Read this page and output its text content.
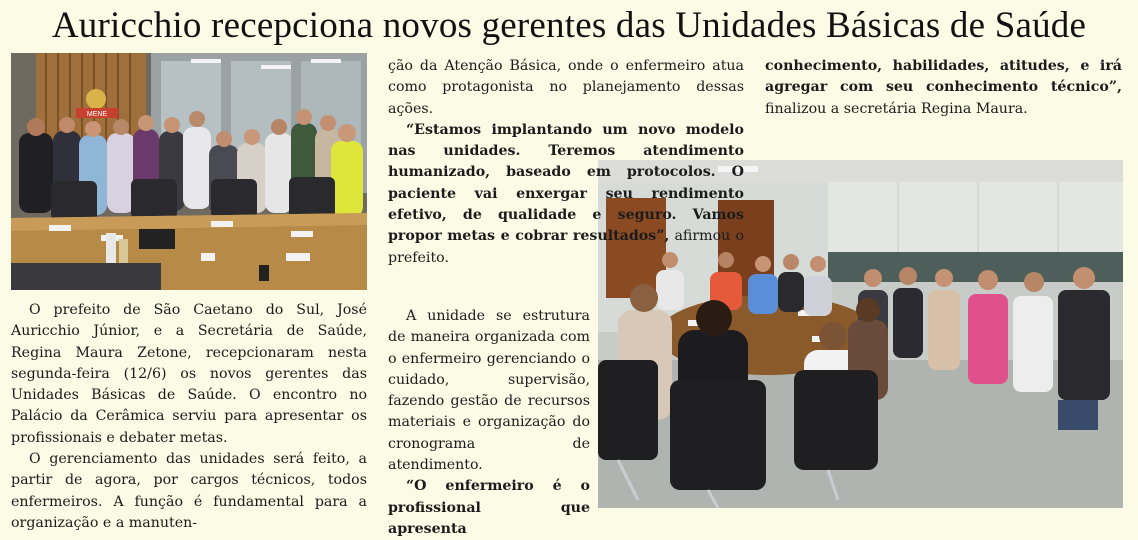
Auricchio recepciona novos gerentes das Unidades Básicas de Saúde
MENE

O prefeito de São Caetano do Sul, José Auricchio Júnior, e a Secretária de Saúde, Regina Maura Zetone, recepcionaram nesta segunda-feira (12/6) os novos gerentes das Unidades Básicas de Saúde. O encontro no Palácio da Cerâmica serviu para apresentar os profissionais e debater metas.

O gerenciamento das unidades será feito, a partir de agora, por cargos técnicos, todos enfermeiros. A função é fundamental para a organização e a manuten-

ção da Atenção Básica, onde o enfermeiro atua como protagonista no planejamento dessas ações.

“Estamos implantando um novo modelo nas unidades. Teremos atendimento humanizado, baseado em protocolos. O paciente vai enxergar seu rendimento efetivo, de qualidade e seguro. Vamos propor metas e cobrar resultados”, afirmou o prefeito.

A unidade se estrutura de maneira organizada com o enfermeiro gerenciando o cuidado, supervisão, fazendo gestão de recursos materiais e organização do cronograma de atendimento.

“O enfermeiro é o profissional que apresenta

conhecimento, habilidades, atitudes, e irá agregar com seu conhecimento técnico”, finalizou a secretária Regina Maura.
